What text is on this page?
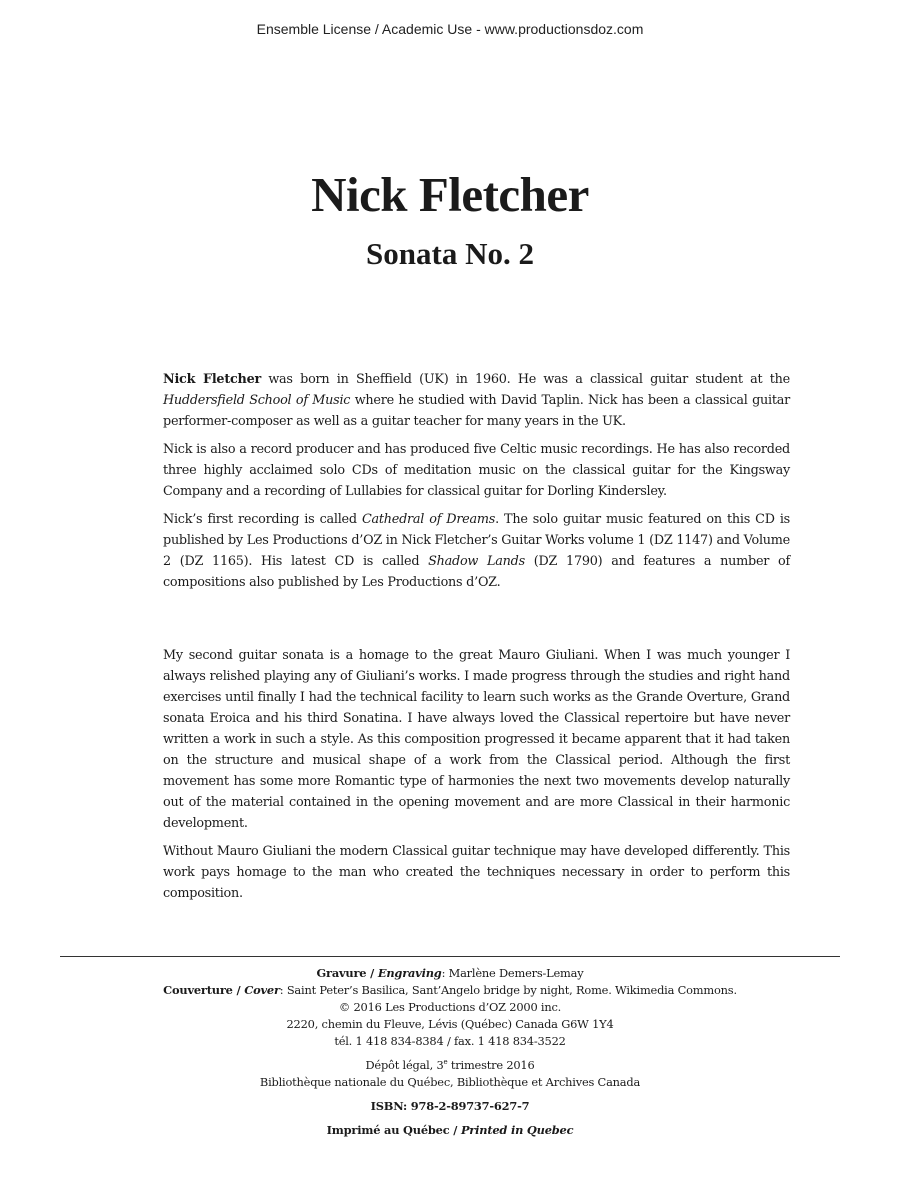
Ensemble License / Academic Use - www.productionsdoz.com
Nick Fletcher
Sonata No. 2

Nick Fletcher was born in Sheffield (UK) in 1960. He was a classical guitar student at the Huddersfield School of Music where he studied with David Taplin. Nick has been a classical guitar performer-composer as well as a guitar teacher for many years in the UK.

Nick is also a record producer and has produced five Celtic music recordings. He has also recorded three highly acclaimed solo CDs of meditation music on the classical guitar for the Kingsway Company and a recording of Lullabies for classical guitar for Dorling Kindersley.

Nick’s first recording is called Cathedral of Dreams. The solo guitar music featured on this CD is published by Les Productions d’OZ in Nick Fletcher’s Guitar Works volume 1 (DZ 1147) and Volume 2 (DZ 1165). His latest CD is called Shadow Lands (DZ 1790) and features a number of compositions also published by Les Productions d’OZ.

My second guitar sonata is a homage to the great Mauro Giuliani. When I was much younger I always relished playing any of Giuliani’s works. I made progress through the studies and right hand exercises until finally I had the technical facility to learn such works as the Grande Overture, Grand sonata Eroica and his third Sonatina. I have always loved the Classical repertoire but have never written a work in such a style. As this composition progressed it became apparent that it had taken on the structure and musical shape of a work from the Classical period. Although the first movement has some more Romantic type of harmonies the next two movements develop naturally out of the material contained in the opening movement and are more Classical in their harmonic development.

Without Mauro Giuliani the modern Classical guitar technique may have developed differently. This work pays homage to the man who created the techniques necessary in order to perform this composition.

Gravure / Engraving: Marlène Demers-Lemay
Couverture / Cover: Saint Peter’s Basilica, Sant’Angelo bridge by night, Rome. Wikimedia Commons.
© 2016 Les Productions d’OZ 2000 inc.
2220, chemin du Fleuve, Lévis (Québec) Canada G6W 1Y4
tél. 1 418 834-8384 / fax. 1 418 834-3522
Dépôt légal, 3e trimestre 2016
Bibliothèque nationale du Québec, Bibliothèque et Archives Canada
ISBN: 978-2-89737-627-7
Imprimé au Québec / Printed in Quebec
